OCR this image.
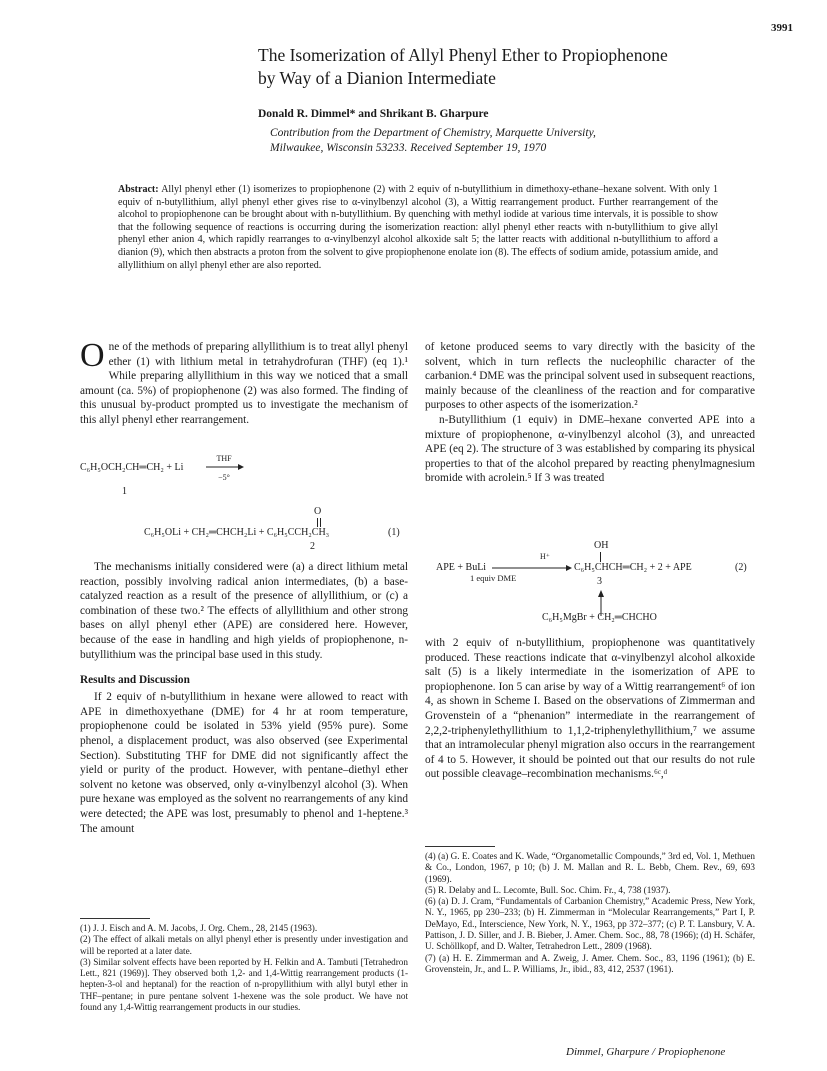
3991
The Isomerization of Allyl Phenyl Ether to Propiophenone
by Way of a Dianion Intermediate
Donald R. Dimmel* and Shrikant B. Gharpure
Contribution from the Department of Chemistry, Marquette University,
Milwaukee, Wisconsin 53233. Received September 19, 1970
Abstract: Allyl phenyl ether (1) isomerizes to propiophenone (2) with 2 equiv of n-butyllithium in dimethoxy-ethane–hexane solvent. With only 1 equiv of n-butyllithium, allyl phenyl ether gives rise to α-vinylbenzyl alcohol (3), a Wittig rearrangement product. Further rearrangement of the alcohol to propiophenone can be brought about with n-butyllithium. By quenching with methyl iodide at various time intervals, it is possible to show that the following sequence of reactions is occurring during the isomerization reaction: allyl phenyl ether reacts with n-butyllithium to give allyl phenyl ether anion 4, which rapidly rearranges to α-vinylbenzyl alcohol alkoxide salt 5; the latter reacts with additional n-butyllithium to afford a dianion (9), which then abstracts a proton from the solvent to give propiophenone enolate ion (8). The effects of sodium amide, potassium amide, and allyllithium on allyl phenyl ether are also reported.

One of the methods of preparing allyllithium is to treat allyl phenyl ether (1) with lithium metal in tetrahydrofuran (THF) (eq 1).¹ While preparing allyllithium in this way we noticed that a small amount (ca. 5%) of propiophenone (2) was also formed. The finding of this unusual by-product prompted us to investigate the mechanism of this allyl phenyl ether rearrangement.

C₆H₅OCH₂CH═CH₂ + Li
THF
−5°
1
O
C₆H₅OLi + CH₂═CHCH₂Li + C₆H₅CCH₂CH₃	(1)
2

The mechanisms initially considered were (a) a direct lithium metal reaction, possibly involving radical anion intermediates, (b) a base-catalyzed reaction as a result of the presence of allyllithium, or (c) a combination of these two.² The effects of allyllithium and other strong bases on allyl phenyl ether (APE) are considered here. However, because of the ease in handling and high yields of propiophenone, n-butyllithium was the principal base used in this study.

Results and Discussion

If 2 equiv of n-butyllithium in hexane were allowed to react with APE in dimethoxyethane (DME) for 4 hr at room temperature, propiophenone could be isolated in 53% yield (95% pure). Some phenol, a displacement product, was also observed (see Experimental Section). Substituting THF for DME did not significantly affect the yield or purity of the product. However, with pentane–diethyl ether solvent no ketone was observed, only α-vinylbenzyl alcohol (3). When pure hexane was employed as the solvent no rearrangements of any kind were detected; the APE was lost, presumably to phenol and 1-heptene.³ The amount

(1) J. J. Eisch and A. M. Jacobs, J. Org. Chem., 28, 2145 (1963).

(2) The effect of alkali metals on allyl phenyl ether is presently under investigation and will be reported at a later date.

(3) Similar solvent effects have been reported by H. Felkin and A. Tambuti [Tetrahedron Lett., 821 (1969)]. They observed both 1,2- and 1,4-Wittig rearrangement products (1-hepten-3-ol and heptanal) for the reaction of n-propyllithium with allyl butyl ether in THF–pentane; in pure pentane solvent 1-hexene was the sole product. We have not found any 1,4-Wittig rearrangement products in our studies.

of ketone produced seems to vary directly with the basicity of the solvent, which in turn reflects the nucleophilic character of the carbanion.⁴ DME was the principal solvent used in subsequent reactions, mainly because of the cleanliness of the reaction and for comparative purposes to other aspects of the isomerization.²

n-Butyllithium (1 equiv) in DME–hexane converted APE into a mixture of propiophenone, α-vinylbenzyl alcohol (3), and unreacted APE (eq 2). The structure of 3 was established by comparing its physical properties to that of the alcohol prepared by reacting phenylmagnesium bromide with acrolein.⁵ If 3 was treated

OH
APE + BuLi
H⁺
1 equiv DME
C₆H₅CHCH═CH₂ + 2 + APE	(2)
3
C₆H₅MgBr + CH₂═CHCHO

with 2 equiv of n-butyllithium, propiophenone was quantitatively produced. These reactions indicate that α-vinylbenzyl alcohol alkoxide salt (5) is a likely intermediate in the isomerization of APE to propiophenone. Ion 5 can arise by way of a Wittig rearrangement⁶ of ion 4, as shown in Scheme I. Based on the observations of Zimmerman and Grovenstein of a “phenanion” intermediate in the rearrangement of 2,2,2-triphenylethyllithium to 1,1,2-triphenylethyllithium,⁷ we assume that an intramolecular phenyl migration also occurs in the rearrangement of 4 to 5. However, it should be pointed out that our results do not rule out possible cleavage–recombination mechanisms.⁶ᶜ,ᵈ

(4) (a) G. E. Coates and K. Wade, “Organometallic Compounds,” 3rd ed, Vol. 1, Methuen & Co., London, 1967, p 10; (b) J. M. Mallan and R. L. Bebb, Chem. Rev., 69, 693 (1969).

(5) R. Delaby and L. Lecomte, Bull. Soc. Chim. Fr., 4, 738 (1937).

(6) (a) D. J. Cram, “Fundamentals of Carbanion Chemistry,” Academic Press, New York, N. Y., 1965, pp 230–233; (b) H. Zimmerman in “Molecular Rearrangements,” Part I, P. DeMayo, Ed., Interscience, New York, N. Y., 1963, pp 372–377; (c) P. T. Lansbury, V. A. Pattison, J. D. Siller, and J. B. Bieber, J. Amer. Chem. Soc., 88, 78 (1966); (d) H. Schäfer, U. Schöllkopf, and D. Walter, Tetrahedron Lett., 2809 (1968).

(7) (a) H. E. Zimmerman and A. Zweig, J. Amer. Chem. Soc., 83, 1196 (1961); (b) E. Grovenstein, Jr., and L. P. Williams, Jr., ibid., 83, 412, 2537 (1961).

Dimmel, Gharpure / Propiophenone
